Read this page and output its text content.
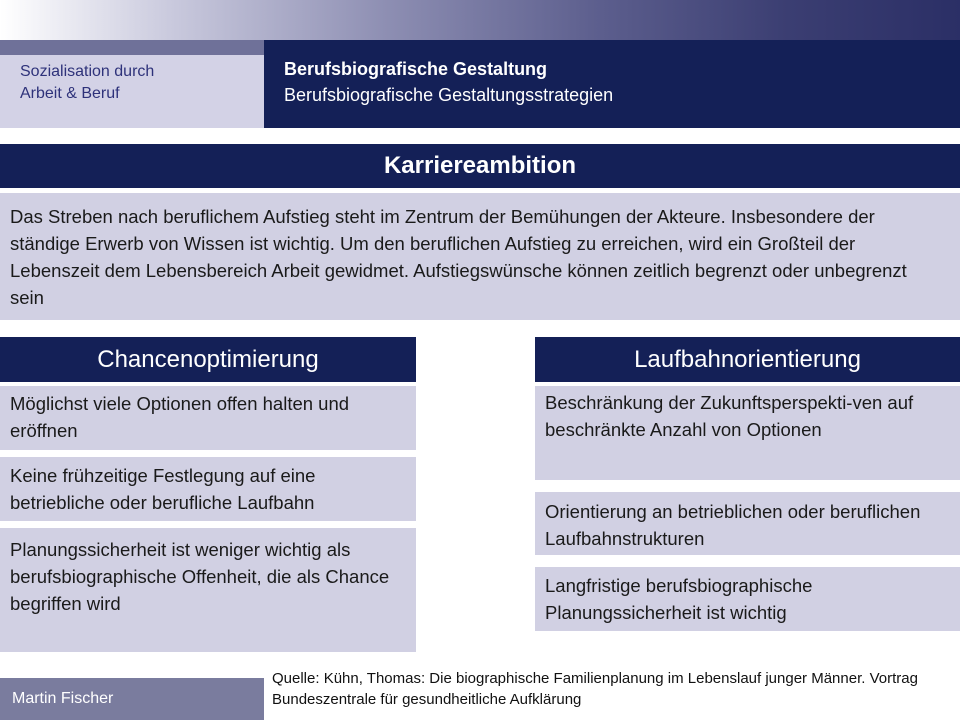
Sozialisation durch
Arbeit & Beruf
Berufsbiografische Gestaltung
Berufsbiografische Gestaltungsstrategien
Karriereambition
Das Streben nach beruflichem Aufstieg steht im Zentrum der Bemühungen der Akteure. Insbesondere der ständige Erwerb von Wissen ist wichtig. Um den beruflichen Aufstieg zu erreichen, wird ein Großteil der Lebenszeit dem Lebensbereich Arbeit gewidmet. Aufstiegswünsche können zeitlich begrenzt oder unbegrenzt sein
Chancenoptimierung
Möglichst viele Optionen offen halten und eröffnen
Keine frühzeitige Festlegung auf eine betriebliche oder berufliche Laufbahn
Planungssicherheit ist weniger wichtig als berufsbiographische Offenheit, die als Chance begriffen wird
Laufbahnorientierung
Beschränkung der Zukunftsperspekti-ven auf beschränkte Anzahl von Optionen
Orientierung an betrieblichen oder beruflichen Laufbahnstrukturen
Langfristige berufsbiographische Planungssicherheit ist wichtig
Martin Fischer
Quelle: Kühn, Thomas: Die biographische Familienplanung im Lebenslauf junger Männer. Vortrag Bundeszentrale für gesundheitliche Aufklärung
